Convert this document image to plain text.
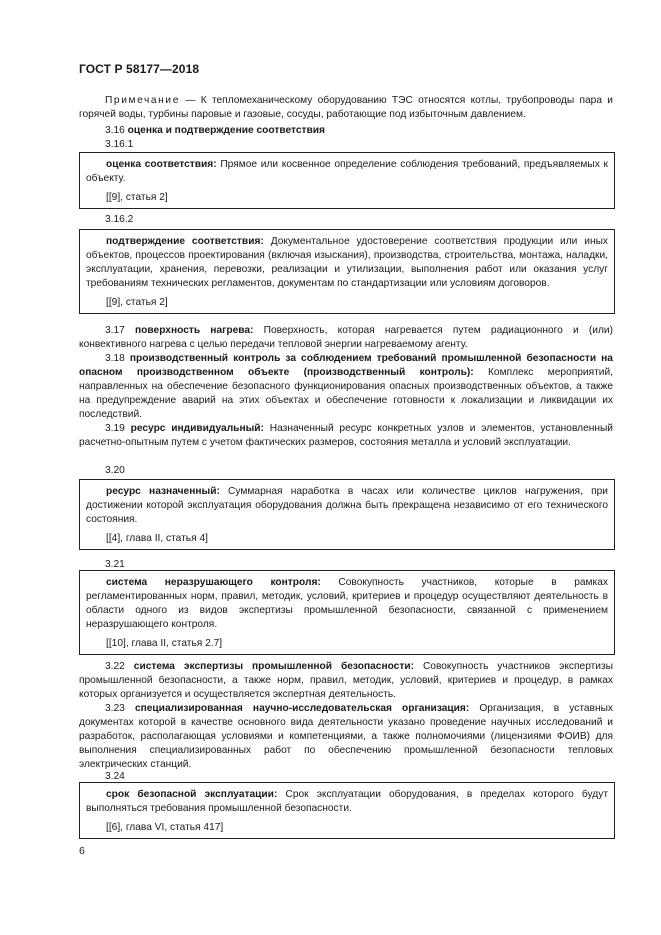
ГОСТ Р 58177—2018
Примечание — К тепломеханическому оборудованию ТЭС относятся котлы, трубопроводы пара и горячей воды, турбины паровые и газовые, сосуды, работающие под избыточным давлением.
3.16 оценка и подтверждение соответствия
3.16.1

оценка соответствия: Прямое или косвенное определение соблюдения требований, предъявляемых к объекту.

[[9], статья 2]

3.16.2

подтверждение соответствия: Документальное удостоверение соответствия продукции или иных объектов, процессов проектирования (включая изыскания), производства, строительства, монтажа, наладки, эксплуатации, хранения, перевозки, реализации и утилизации, выполнения работ или оказания услуг требованиям технических регламентов, документам по стандартизации или условиям договоров.

[[9], статья 2]

3.17 поверхность нагрева: Поверхность, которая нагревается путем радиационного и (или) конвективного нагрева с целью передачи тепловой энергии нагреваемому агенту.
3.18 производственный контроль за соблюдением требований промышленной безопасности на опасном производственном объекте (производственный контроль): Комплекс мероприятий, направленных на обеспечение безопасного функционирования опасных производственных объектов, а также на предупреждение аварий на этих объектах и обеспечение готовности к локализации и ликвидации их последствий.
3.19 ресурс индивидуальный: Назначенный ресурс конкретных узлов и элементов, установленный расчетно-опытным путем с учетом фактических размеров, состояния металла и условий эксплуатации.
3.20

ресурс назначенный: Суммарная наработка в часах или количестве циклов нагружения, при достижении которой эксплуатация оборудования должна быть прекращена независимо от его технического состояния.

[[4], глава II, статья 4]

3.21

система неразрушающего контроля: Совокупность участников, которые в рамках регламентированных норм, правил, методик, условий, критериев и процедур осуществляют деятельность в области одного из видов экспертизы промышленной безопасности, связанной с применением неразрушающего контроля.

[[10], глава II, статья 2.7]

3.22 система экспертизы промышленной безопасности: Совокупность участников экспертизы промышленной безопасности, а также норм, правил, методик, условий, критериев и процедур, в рамках которых организуется и осуществляется экспертная деятельность.
3.23 специализированная научно-исследовательская организация: Организация, в уставных документах которой в качестве основного вида деятельности указано проведение научных исследований и разработок, располагающая условиями и компетенциями, а также полномочиями (лицензиями ФОИВ) для выполнения специализированных работ по обеспечению промышленной безопасности тепловых электрических станций.
3.24

срок безопасной эксплуатации: Срок эксплуатации оборудования, в пределах которого будут выполняться требования промышленной безопасности.

[[6], глава VI, статья 417]

6
